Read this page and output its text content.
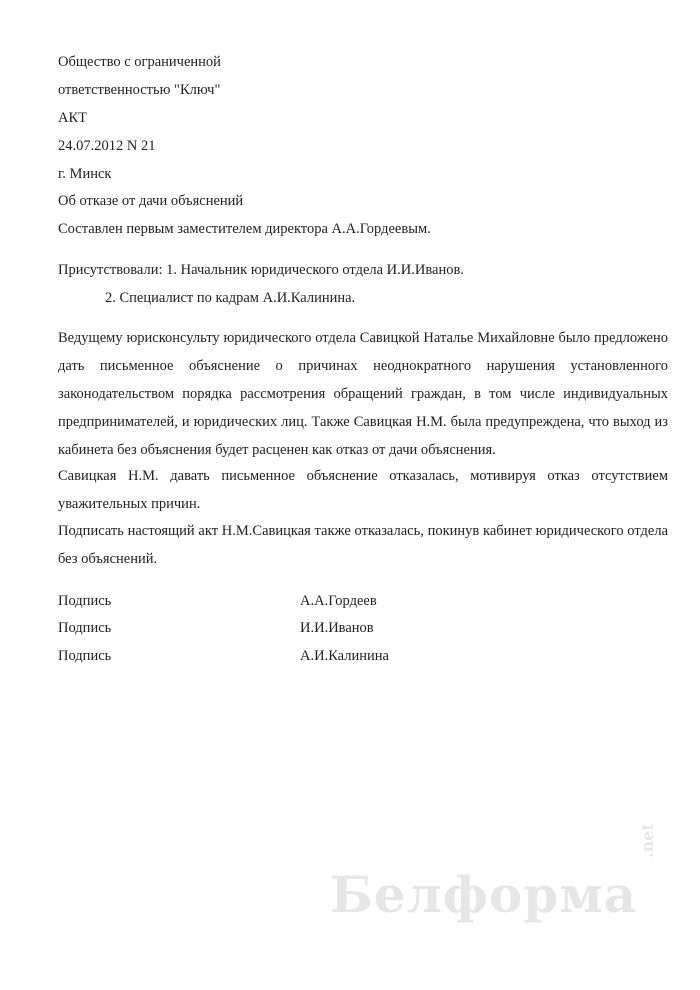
Общество с ограниченной
ответственностью "Ключ"
АКТ
24.07.2012 N 21
г. Минск
Об отказе от дачи объяснений
Составлен первым заместителем директора А.А.Гордеевым.
Присутствовали: 1. Начальник юридического отдела И.И.Иванов.
2. Специалист по кадрам А.И.Калинина.
Ведущему юрисконсульту юридического отдела Савицкой Наталье Михайловне было предложено дать письменное объяснение о причинах неоднократного нарушения установленного законодательством порядка рассмотрения обращений граждан, в том числе индивидуальных предпринимателей, и юридических лиц. Также Савицкая Н.М. была предупреждена, что выход из кабинета без объяснения будет расценен как отказ от дачи объяснения.
Савицкая Н.М. давать письменное объяснение отказалась, мотивируя отказ отсутствием уважительных причин.
Подписать настоящий акт Н.М.Савицкая также отказалась, покинув кабинет юридического отдела без объяснений.
Подпись	А.А.Гордеев
Подпись	И.И.Иванов
Подпись	А.И.Калинина
Белформа
.net
